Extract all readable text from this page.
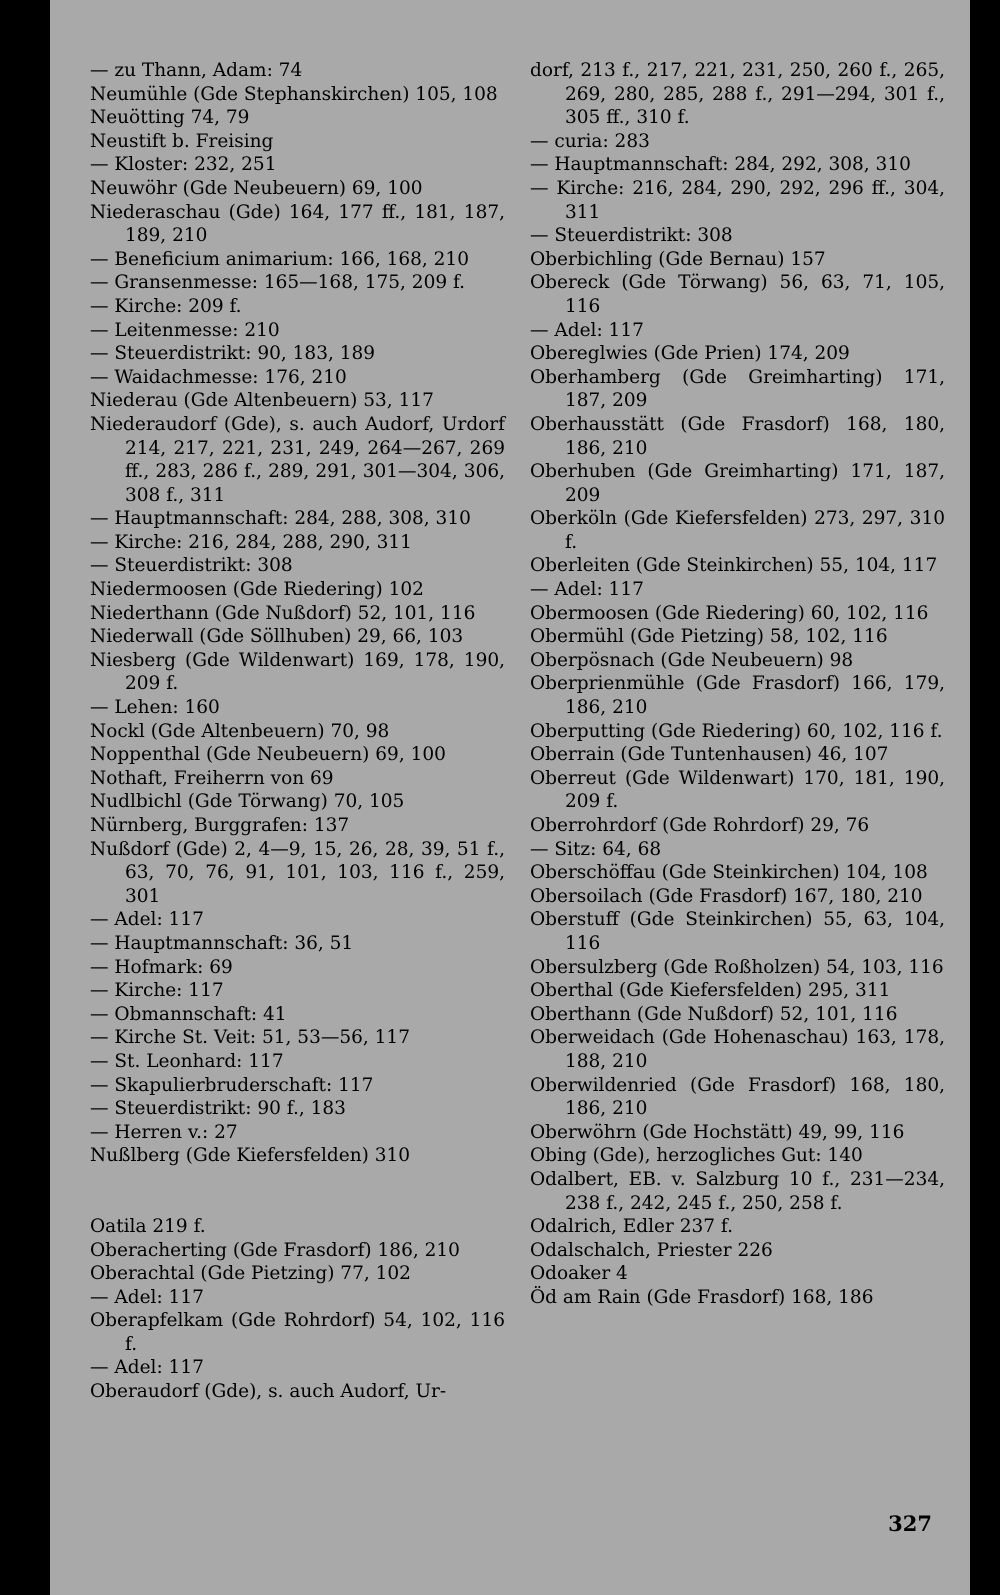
— zu Thann, Adam: 74
Neumühle (Gde Stephanskirchen) 105, 108
Neuötting 74, 79
Neustift b. Freising
— Kloster: 232, 251
Neuwöhr (Gde Neubeuern) 69, 100
Niederaschau (Gde) 164, 177 ff., 181, 187, 189, 210
— Beneficium animarium: 166, 168, 210
— Gransenmesse: 165—168, 175, 209 f.
— Kirche: 209 f.
— Leitenmesse: 210
— Steuerdistrikt: 90, 183, 189
— Waidachmesse: 176, 210
Niederau (Gde Altenbeuern) 53, 117
Niederaudorf (Gde), s. auch Audorf, Urdorf 214, 217, 221, 231, 249, 264—267, 269 ff., 283, 286 f., 289, 291, 301—304, 306, 308 f., 311
— Hauptmannschaft: 284, 288, 308, 310
— Kirche: 216, 284, 288, 290, 311
— Steuerdistrikt: 308
Niedermoosen (Gde Riedering) 102
Niederthann (Gde Nußdorf) 52, 101, 116
Niederwall (Gde Söllhuben) 29, 66, 103
Niesberg (Gde Wildenwart) 169, 178, 190, 209 f.
— Lehen: 160
Nockl (Gde Altenbeuern) 70, 98
Noppenthal (Gde Neubeuern) 69, 100
Nothaft, Freiherrn von 69
Nudlbichl (Gde Törwang) 70, 105
Nürnberg, Burggrafen: 137
Nußdorf (Gde) 2, 4—9, 15, 26, 28, 39, 51 f., 63, 70, 76, 91, 101, 103, 116 f., 259, 301
— Adel: 117
— Hauptmannschaft: 36, 51
— Hofmark: 69
— Kirche: 117
— Obmannschaft: 41
— Kirche St. Veit: 51, 53—56, 117
— St. Leonhard: 117
— Skapulierbruderschaft: 117
— Steuerdistrikt: 90 f., 183
— Herren v.: 27
Nußlberg (Gde Kiefersfelden) 310
Oatila 219 f.
Oberacherting (Gde Frasdorf) 186, 210
Oberachtal (Gde Pietzing) 77, 102
— Adel: 117
Oberapfelkam (Gde Rohrdorf) 54, 102, 116 f.
— Adel: 117
Oberaudorf (Gde), s. auch Audorf, Ur-
dorf, 213 f., 217, 221, 231, 250, 260 f., 265, 269, 280, 285, 288 f., 291—294, 301 f., 305 ff., 310 f.
— curia: 283
— Hauptmannschaft: 284, 292, 308, 310
— Kirche: 216, 284, 290, 292, 296 ff., 304, 311
— Steuerdistrikt: 308
Oberbichling (Gde Bernau) 157
Obereck (Gde Törwang) 56, 63, 71, 105, 116
— Adel: 117
Obereglwies (Gde Prien) 174, 209
Oberhamberg (Gde Greimharting) 171, 187, 209
Oberhausstätt (Gde Frasdorf) 168, 180, 186, 210
Oberhuben (Gde Greimharting) 171, 187, 209
Oberköln (Gde Kiefersfelden) 273, 297, 310 f.
Oberleiten (Gde Steinkirchen) 55, 104, 117
— Adel: 117
Obermoosen (Gde Riedering) 60, 102, 116
Obermühl (Gde Pietzing) 58, 102, 116
Oberpösnach (Gde Neubeuern) 98
Oberprienmühle (Gde Frasdorf) 166, 179, 186, 210
Oberputting (Gde Riedering) 60, 102, 116 f.
Oberrain (Gde Tuntenhausen) 46, 107
Oberreut (Gde Wildenwart) 170, 181, 190, 209 f.
Oberrohrdorf (Gde Rohrdorf) 29, 76
— Sitz: 64, 68
Oberschöffau (Gde Steinkirchen) 104, 108
Obersoilach (Gde Frasdorf) 167, 180, 210
Oberstuff (Gde Steinkirchen) 55, 63, 104, 116
Obersulzberg (Gde Roßholzen) 54, 103, 116
Oberthal (Gde Kiefersfelden) 295, 311
Oberthann (Gde Nußdorf) 52, 101, 116
Oberweidach (Gde Hohenaschau) 163, 178, 188, 210
Oberwildenried (Gde Frasdorf) 168, 180, 186, 210
Oberwöhrn (Gde Hochstätt) 49, 99, 116
Obing (Gde), herzogliches Gut: 140
Odalbert, EB. v. Salzburg 10 f., 231—234, 238 f., 242, 245 f., 250, 258 f.
Odalrich, Edler 237 f.
Odalschalch, Priester 226
Odoaker 4
Öd am Rain (Gde Frasdorf) 168, 186
327
